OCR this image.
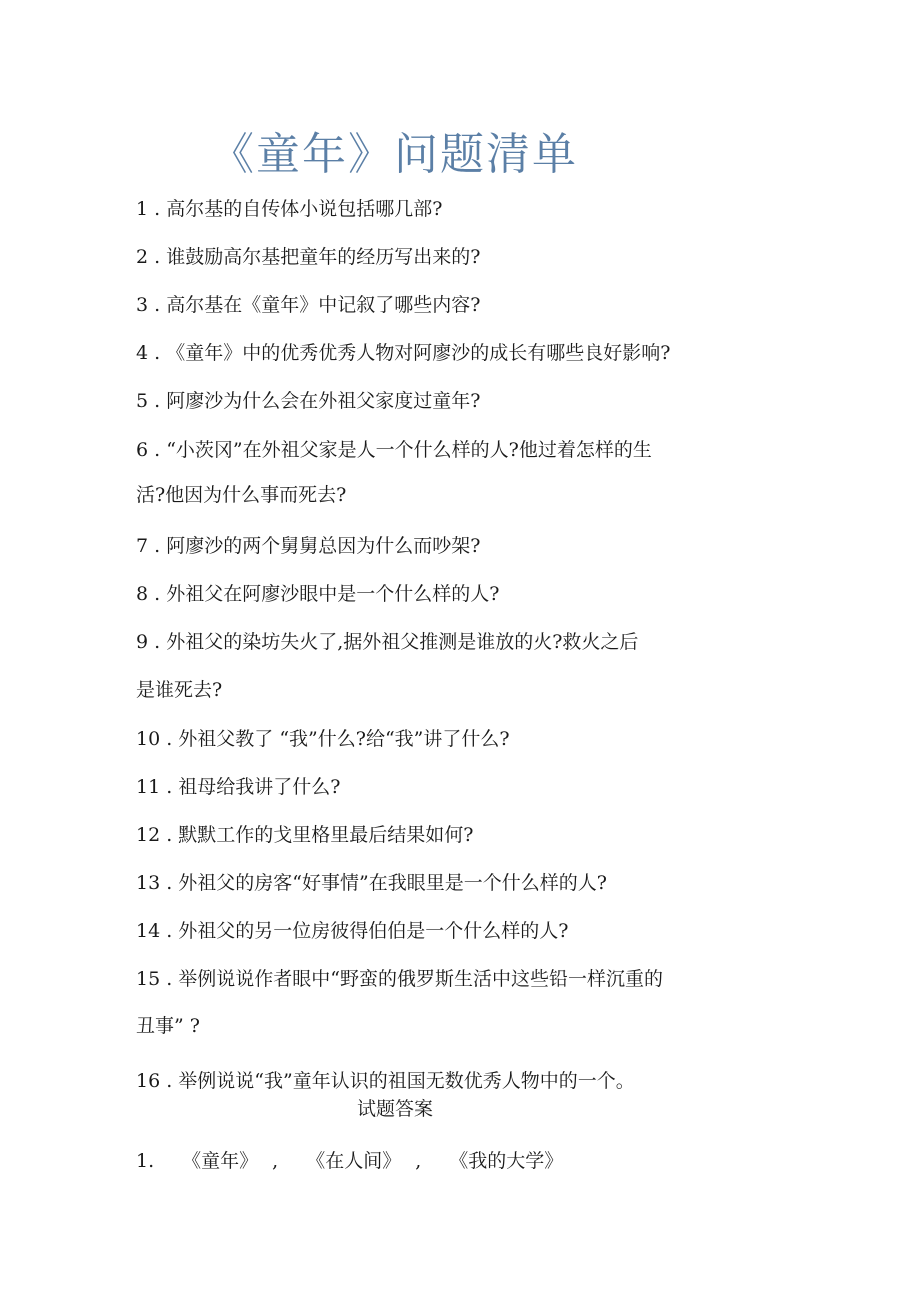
《童年》问题清单

1 . 高尔基的自传体小说包括哪几部?

2 . 谁鼓励高尔基把童年的经历写出来的?

3 . 高尔基在《童年》中记叙了哪些内容?

4 . 《童年》中的优秀优秀人物对阿廖沙的成长有哪些良好影响?

5 . 阿廖沙为什么会在外祖父家度过童年?

6 . “小茨冈”在外祖父家是人一个什么样的人?他过着怎样的生

活?他因为什么事而死去?

7 . 阿廖沙的两个舅舅总因为什么而吵架?

8 . 外祖父在阿廖沙眼中是一个什么样的人?

9 . 外祖父的染坊失火了,据外祖父推测是谁放的火?救火之后

是谁死去?

10 . 外祖父教了 “我”什么?给“我”讲了什么?

11 . 祖母给我讲了什么?

12 . 默默工作的戈里格里最后结果如何?

13 . 外祖父的房客“好事情”在我眼里是一个什么样的人?

14 . 外祖父的另一位房彼得伯伯是一个什么样的人?

15 . 举例说说作者眼中“野蛮的俄罗斯生活中这些铅一样沉重的

丑事” ?

16 . 举例说说“我”童年认识的祖国无数优秀人物中的一个。

试题答案

1. 《童年》 , 《在人间》 , 《我的大学》
